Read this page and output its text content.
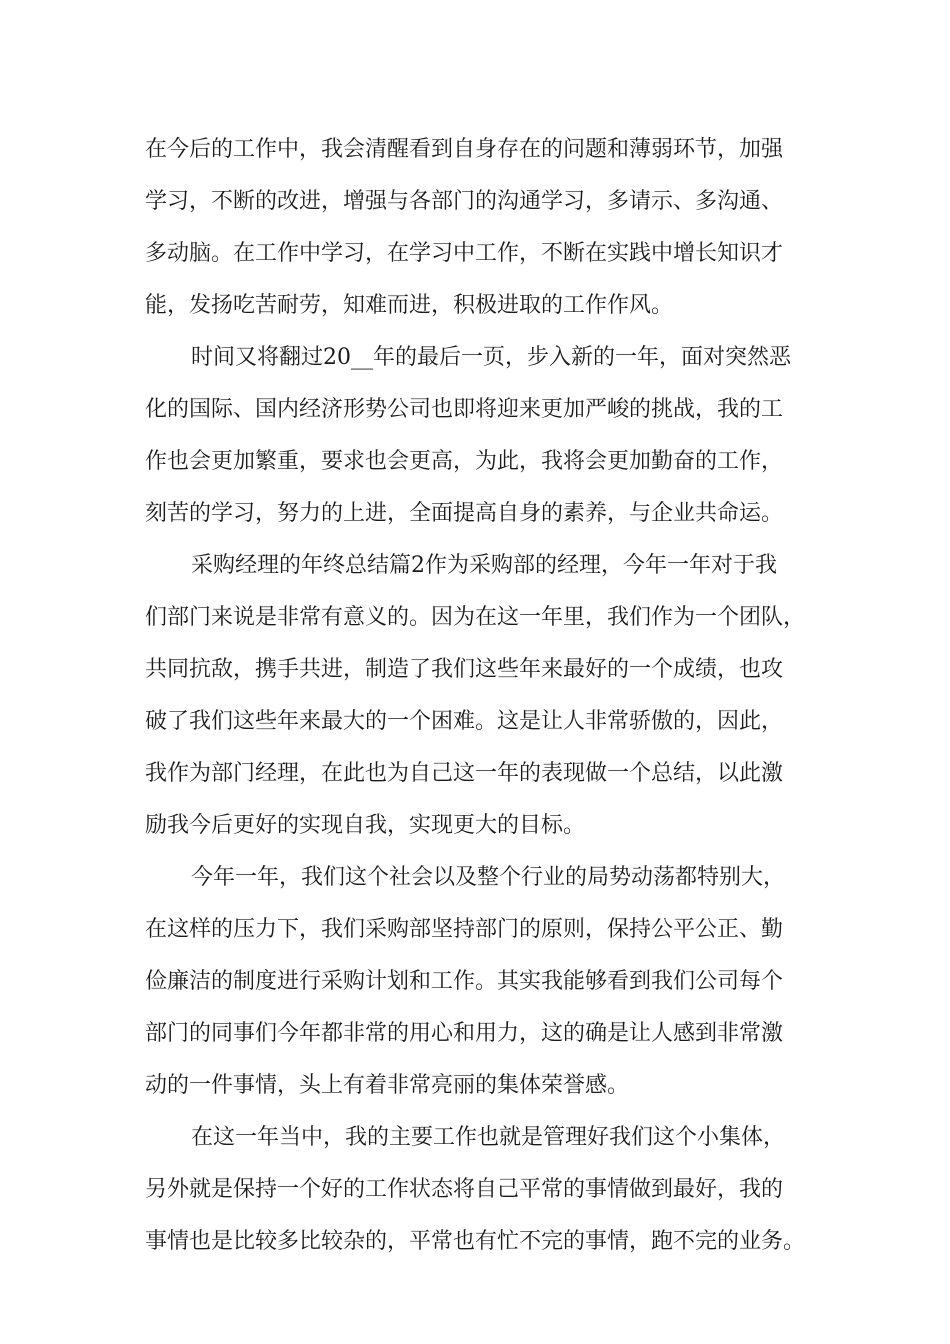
在今后的工作中，我会清醒看到自身存在的问题和薄弱环节，加强
学习，不断的改进，增强与各部门的沟通学习，多请示、多沟通、
多动脑。在工作中学习，在学习中工作，不断在实践中增长知识才
能，发扬吃苦耐劳，知难而进，积极进取的工作作风。
时间又将翻过20__年的最后一页，步入新的一年，面对突然恶
化的国际、国内经济形势公司也即将迎来更加严峻的挑战，我的工
作也会更加繁重，要求也会更高，为此，我将会更加勤奋的工作，
刻苦的学习，努力的上进，全面提高自身的素养，与企业共命运。
采购经理的年终总结篇2作为采购部的经理，今年一年对于我
们部门来说是非常有意义的。因为在这一年里，我们作为一个团队，
共同抗敌，携手共进，制造了我们这些年来最好的一个成绩，也攻
破了我们这些年来最大的一个困难。这是让人非常骄傲的，因此，
我作为部门经理，在此也为自己这一年的表现做一个总结，以此激
励我今后更好的实现自我，实现更大的目标。
今年一年，我们这个社会以及整个行业的局势动荡都特别大，
在这样的压力下，我们采购部坚持部门的原则，保持公平公正、勤
俭廉洁的制度进行采购计划和工作。其实我能够看到我们公司每个
部门的同事们今年都非常的用心和用力，这的确是让人感到非常激
动的一件事情，头上有着非常亮丽的集体荣誉感。
在这一年当中，我的主要工作也就是管理好我们这个小集体，
另外就是保持一个好的工作状态将自己平常的事情做到最好，我的
事情也是比较多比较杂的，平常也有忙不完的事情，跑不完的业务。
